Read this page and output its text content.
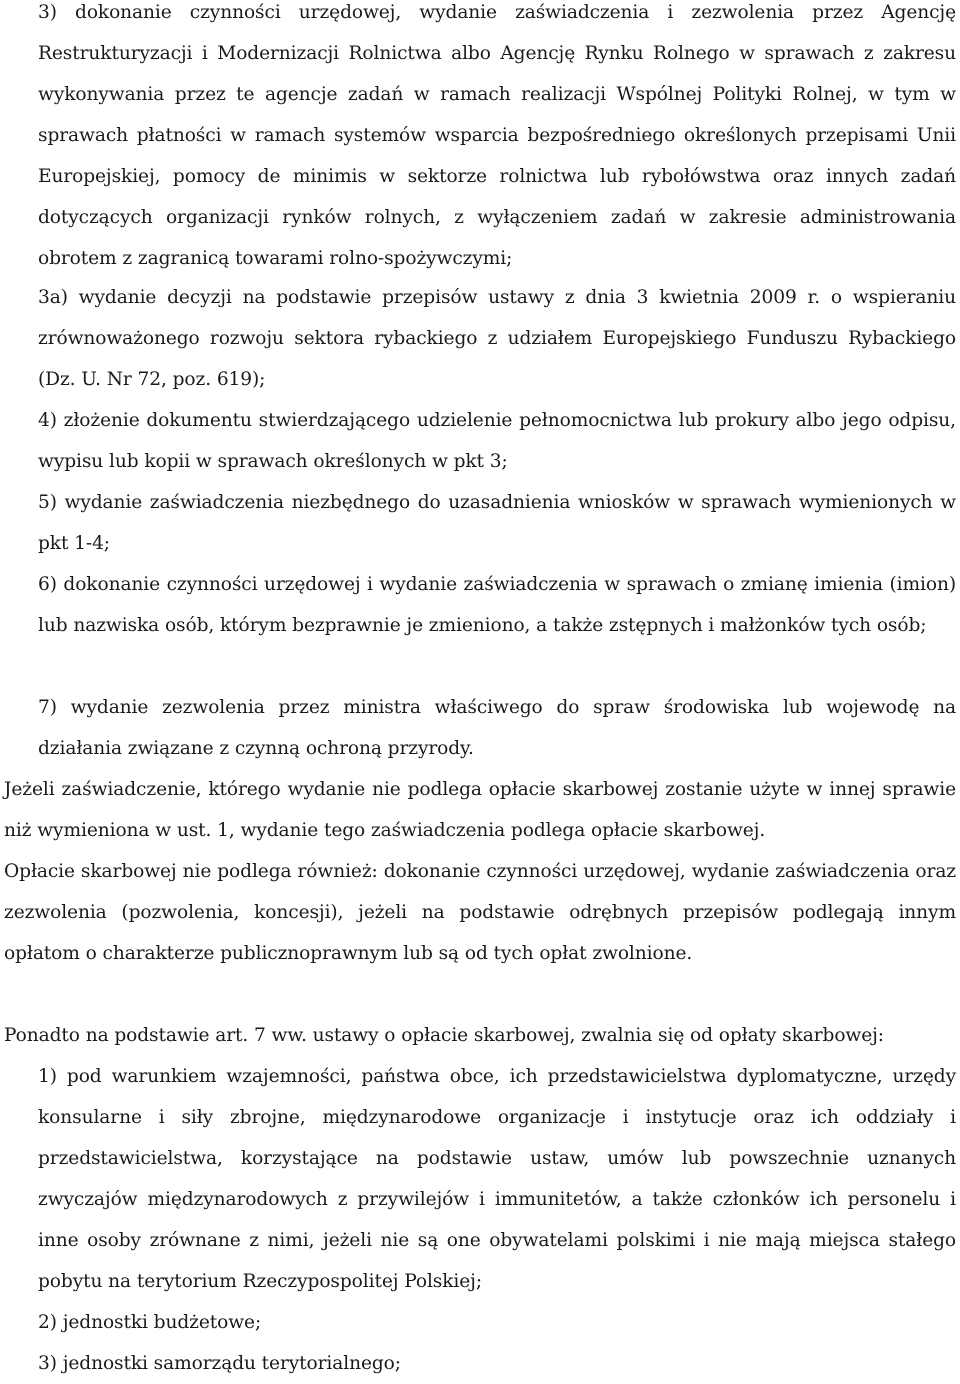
3) dokonanie czynności urzędowej, wydanie zaświadczenia i zezwolenia przez Agencję Restrukturyzacji i Modernizacji Rolnictwa albo Agencję Rynku Rolnego w sprawach z zakresu wykonywania przez te agencje zadań w ramach realizacji Wspólnej Polityki Rolnej, w tym w sprawach płatności w ramach systemów wsparcia bezpośredniego określonych przepisami Unii Europejskiej, pomocy de minimis w sektorze rolnictwa lub rybołówstwa oraz innych zadań dotyczących organizacji rynków rolnych, z wyłączeniem zadań w zakresie administrowania obrotem z zagranicą towarami rolno-spożywczymi;

3a) wydanie decyzji na podstawie przepisów ustawy z dnia 3 kwietnia 2009 r. o wspieraniu zrównoważonego rozwoju sektora rybackiego z udziałem Europejskiego Funduszu Rybackiego (Dz. U. Nr 72, poz. 619);

4) złożenie dokumentu stwierdzającego udzielenie pełnomocnictwa lub prokury albo jego odpisu, wypisu lub kopii w sprawach określonych w pkt 3;

5) wydanie zaświadczenia niezbędnego do uzasadnienia wniosków w sprawach wymienionych w pkt 1-4;

6) dokonanie czynności urzędowej i wydanie zaświadczenia w sprawach o zmianę imienia (imion) lub nazwiska osób, którym bezprawnie je zmieniono, a także zstępnych i małżonków tych osób;

7) wydanie zezwolenia przez ministra właściwego do spraw środowiska lub wojewodę na działania związane z czynną ochroną przyrody.

Jeżeli zaświadczenie, którego wydanie nie podlega opłacie skarbowej zostanie użyte w innej sprawie niż wymieniona w ust. 1, wydanie tego zaświadczenia podlega opłacie skarbowej.

Opłacie skarbowej nie podlega również: dokonanie czynności urzędowej, wydanie zaświadczenia oraz zezwolenia (pozwolenia, koncesji), jeżeli na podstawie odrębnych przepisów podlegają innym opłatom o charakterze publicznoprawnym lub są od tych opłat zwolnione.

Ponadto na podstawie art. 7 ww. ustawy o opłacie skarbowej, zwalnia się od opłaty skarbowej:

1) pod warunkiem wzajemności, państwa obce, ich przedstawicielstwa dyplomatyczne, urzędy konsularne i siły zbrojne, międzynarodowe organizacje i instytucje oraz ich oddziały i przedstawicielstwa, korzystające na podstawie ustaw, umów lub powszechnie uznanych zwyczajów międzynarodowych z przywilejów i immunitetów, a także członków ich personelu i inne osoby zrównane z nimi, jeżeli nie są one obywatelami polskimi i nie mają miejsca stałego pobytu na terytorium Rzeczypospolitej Polskiej;

2) jednostki budżetowe;

3) jednostki samorządu terytorialnego;
